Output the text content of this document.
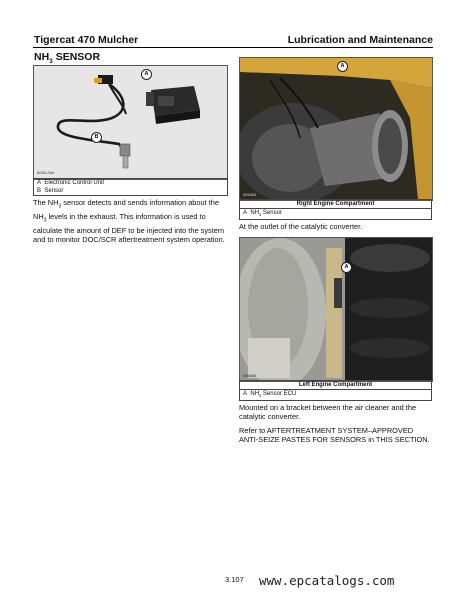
Tigercat 470 Mulcher	Lubrication and Maintenance
$NH_3$ SENSOR
6006-264
A
B
A Electronic Control Unit
B Sensor
The $NH_3$ sensor detects and sends information about the $NH_3$ levels in the exhaust. This information is used to calculate the amount of DEF to be injected into the system and to monitor DOC/SCR aftertreatment system operation.
406465
A
Right Engine Compartment
A $NH_3$ Sensor
At the outlet of the catalytic converter.
406466
A
Left Engine Compartment
A $NH_3$ Sensor ECU
Mounted on a bracket between the air cleaner and the catalytic converter.
Refer to AFTERTREATMENT SYSTEM–APPROVED ANTI-SEIZE PASTES FOR SENSORS in THIS SECTION.
3.107 www.epcatalogs.com
